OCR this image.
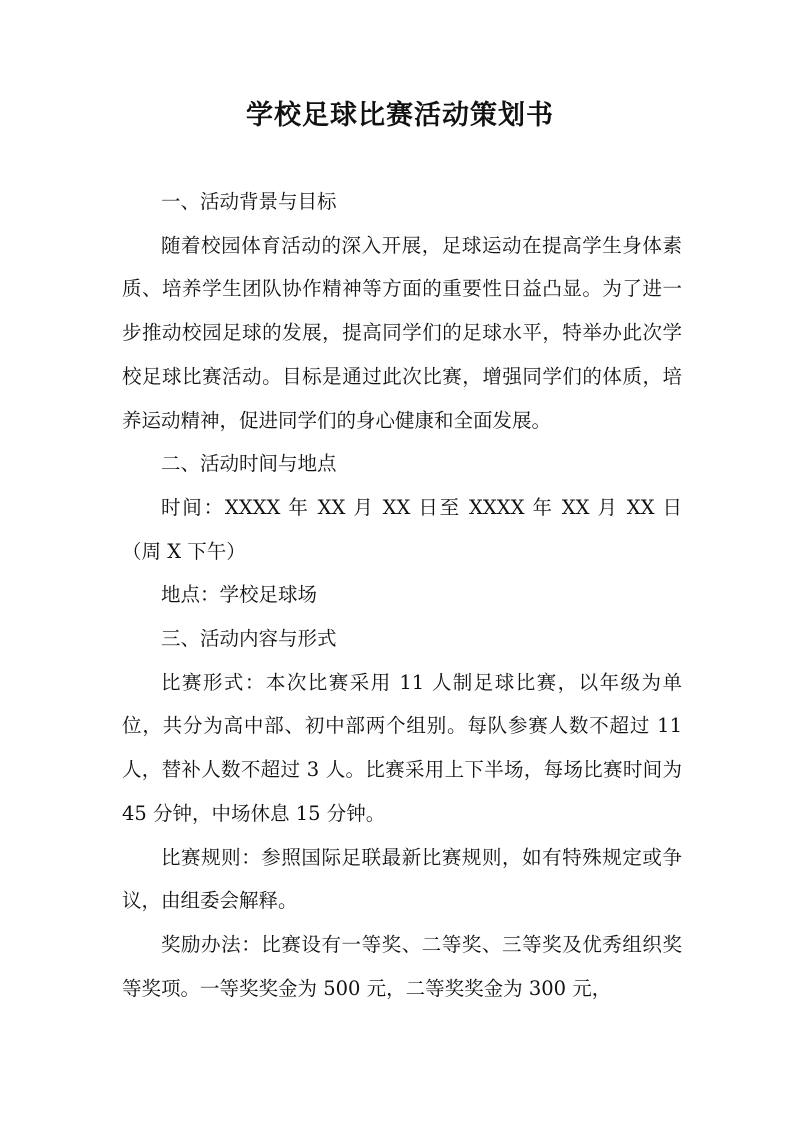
学校足球比赛活动策划书

一、活动背景与目标

随着校园体育活动的深入开展，足球运动在提高学生身体素质、培养学生团队协作精神等方面的重要性日益凸显。为了进一步推动校园足球的发展，提高同学们的足球水平，特举办此次学校足球比赛活动。目标是通过此次比赛，增强同学们的体质，培养运动精神，促进同学们的身心健康和全面发展。

二、活动时间与地点

时间：XXXX 年 XX 月 XX 日至 XXXX 年 XX 月 XX 日（周 X 下午）

地点：学校足球场

三、活动内容与形式

比赛形式：本次比赛采用 11 人制足球比赛，以年级为单位，共分为高中部、初中部两个组别。每队参赛人数不超过 11 人，替补人数不超过 3 人。比赛采用上下半场，每场比赛时间为 45 分钟，中场休息 15 分钟。

比赛规则：参照国际足联最新比赛规则，如有特殊规定或争议，由组委会解释。

奖励办法：比赛设有一等奖、二等奖、三等奖及优秀组织奖等奖项。一等奖奖金为 500 元，二等奖奖金为 300 元，
